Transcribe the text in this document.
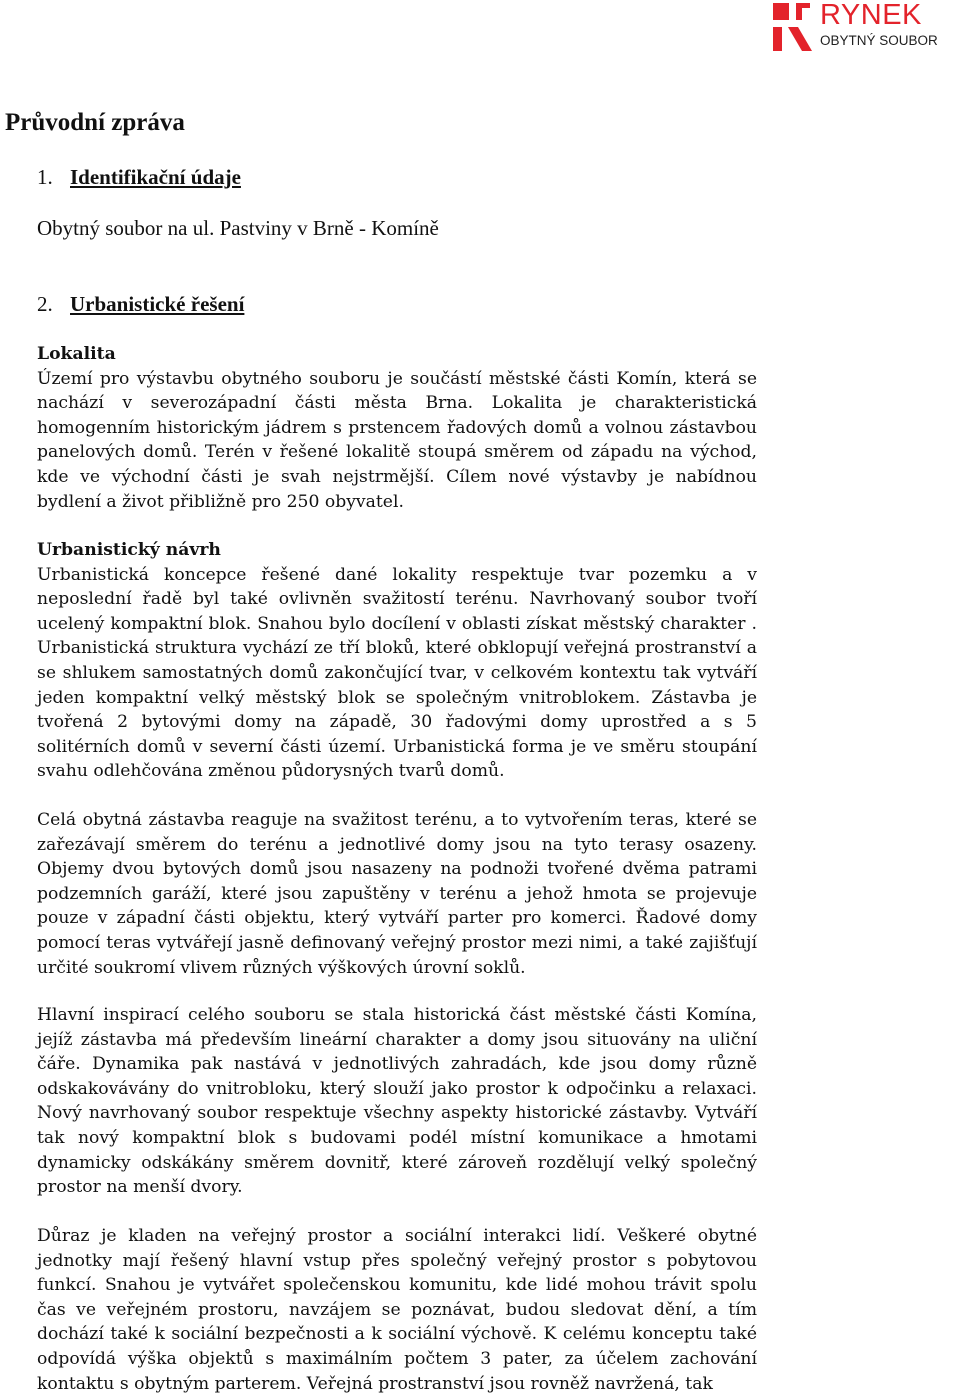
RYNEK
OBYTNÝ SOUBOR
Průvodní zpráva
1. Identifikační údaje
Obytný soubor na ul. Pastviny v Brně - Komíně
2. Urbanistické řešení
Lokalita

Území pro výstavbu obytného souboru je součástí městské části Komín, která se nachází v severozápadní části města Brna. Lokalita je charakteristická homogenním historickým jádrem s prstencem řadových domů a volnou zástavbou panelových domů. Terén v řešené lokalitě stoupá směrem od západu na východ, kde ve východní části je svah nejstrmější. Cílem nové výstavby je nabídnou bydlení a život přibližně pro 250 obyvatel.

Urbanistický návrh

Urbanistická koncepce řešené dané lokality respektuje tvar pozemku a v neposlední řadě byl také ovlivněn svažitostí terénu. Navrhovaný soubor tvoří ucelený kompaktní blok. Snahou bylo docílení v oblasti získat městský charakter . Urbanistická struktura vychází ze tří bloků, které obklopují veřejná prostranství a se shlukem samostatných domů zakončující tvar, v celkovém kontextu tak vytváří jeden kompaktní velký městský blok se společným vnitroblokem. Zástavba je tvořená 2 bytovými domy na západě, 30 řadovými domy uprostřed a s 5 solitérních domů v severní části území. Urbanistická forma je ve směru stoupání svahu odlehčována změnou půdorysných tvarů domů.

Celá obytná zástavba reaguje na svažitost terénu, a to vytvořením teras, které se zařezávají směrem do terénu a jednotlivé domy jsou na tyto terasy osazeny. Objemy dvou bytových domů jsou nasazeny na podnoži tvořené dvěma patrami podzemních garáží, které jsou zapuštěny v terénu a jehož hmota se projevuje pouze v západní části objektu, který vytváří parter pro komerci. Řadové domy pomocí teras vytvářejí jasně definovaný veřejný prostor mezi nimi, a také zajišťují určité soukromí vlivem různých výškových úrovní soklů.

Hlavní inspirací celého souboru se stala historická část městské části Komína, jejíž zástavba má především lineární charakter a domy jsou situovány na uliční čáře. Dynamika pak nastává v jednotlivých zahradách, kde jsou domy různě odskakovávány do vnitrobloku, který slouží jako prostor k odpočinku a relaxaci. Nový navrhovaný soubor respektuje všechny aspekty historické zástavby. Vytváří tak nový kompaktní blok s budovami podél místní komunikace a hmotami dynamicky odskákány směrem dovnitř, které zároveň rozdělují velký společný prostor na menší dvory.

Důraz je kladen na veřejný prostor a sociální interakci lidí. Veškeré obytné jednotky mají řešený hlavní vstup přes společný veřejný prostor s pobytovou funkcí. Snahou je vytvářet společenskou komunitu, kde lidé mohou trávit spolu čas ve veřejném prostoru, navzájem se poznávat, budou sledovat dění, a tím dochází také k sociální bezpečnosti a k sociální výchově. K celému konceptu také odpovídá výška objektů s maximálním počtem 3 pater, za účelem zachování kontaktu s obytným parterem. Veřejná prostranství jsou rovněž navržená, tak
